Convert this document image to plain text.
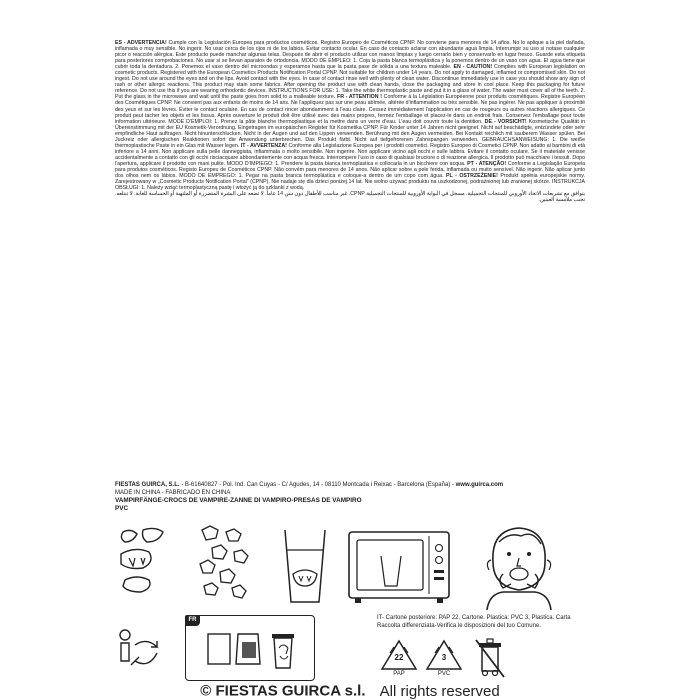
ES - ADVERTENCIA! Cumple con la Legislación Europea para productos cosméticos. Registro Europeo de Cosméticos CPNP. No conviene para menores de 14 años. No lo aplique a la piel dañada, inflamada o muy sensible. No ingerir. No usar cerca de los ojos ni de los labios. Evitar contacto ocular. En caso de contacto aclarar con abundante agua limpia. Interrumpir su uso si notase cualquier picor o reacción alérgica. Este producto puede manchar algunas telas. Después de abrir el producto utilizar con manos limpias y luego cerrarlo bien y conservarlo en lugar fresco. Guarde esta etiqueta para posteriores comprobaciones. No usar si se llevan aparatos de ortodoncia. MODO DE EMPLEO: 1. Coja la pasta blanca termoplástica y la ponemos dentro de un vaso con agua. El agua tiene que cubrir toda la dentadura. 2. Ponemos el vaso dentro del microondas y esperamos hasta que la pasta pase de sólida a una textura maleable. EN - CAUTION! Complies with European legislation on cosmetic products. Registered with the European Cosmetics Products Notification Portal CPNP. Not suitable for children under 14 years. Do not apply to damaged, inflamed or compromised skin. Do not ingest. Do not use around the eyes and on the lips. Avoid contact with the eyes. In case of contact rinse well with plenty of clean water. Discontinue immediately use in case you should show any sign of rash or other allergic reactions. This product may stain some fabrics. After opening the product use with clean hands, close the packaging and store in cool place. Keep this packaging for future reference. Do not use this if you are wearing orthodontic devices. INSTRUCTIONS FOR USE: 1. Take the white thermoplastic paste and put it in a glass of water. The water must cover all of the teeth. 2. Put the glass in the microwave and wait until the paste goes from solid to a malleable texture. FR - ATTENTION ! Conforme à la Législation Européenne pour produits cosmétiques. Registre Européen des Cosmétiques CPNP. Ne convient pas aux enfants de moins de 14 ans. Ne l'appliquez pas sur une peau abîmée, altérée d'inflammation ou très sensible. Ne pas ingérer. Ne pas appliquer à proximité des yeux et sur les lèvres. Éviter le contact oculaire. En cas de contact rincer abondamment à l'eau claire. Cessez immédiatement l'application en cas de rougeurs ou autres réactions allergiques. Ce produit peut tacher les objets et les tissus. Après ouverture le produit doit être utilisé avec des mains propres, fermez l'emballage et placez-le dans un endroit frais. Conservez l'emballage pour toute information ultérieure. MODE D'EMPLOI: 1. Prenez la pâte blanche thermoplastique et la mettre dans un verre d'eau. L'eau doit couvrir toute la dentition. DE - VORSICHT! Kosmetische Qualität in Übereinstimmung mit der EU Kosmetik-Verordnung. Eingetragen im europäischen Register für Kosmetika CPNP. Für Kinder unter 14 Jahren nicht geeignet. Nicht auf beschädigte, entzündete oder sehr empfindliche Haut auftragen. Nicht hinunterschlucken. Nicht in der Augen und auf den Lippen verwenden. Berührung mit den Augen vermeiden. Bei Kontakt reichlich mit sauberem Wasser spülen. Bei Juckreiz oder allergischen Reaktionen sofort die Anwendung unterbrechen. Das Produkt färbt. Nicht auf tiefgefrorenen Zahnspangen verwenden. GEBRAUCHSANWEISUNG: 1. Die weiße thermoplastische Paste in ein Glas mit Wasser legen. IT - AVVERTENZA! Conforme alla Legislazione Europea per i prodotti cosmetici. Registro Europeo di Cosmetici CPNP. Non adatto ai bambini di età inferiore a 14 anni. Non applicare sulla pelle danneggiata, infiammata o molto sensibile. Non ingerire. Non applicare vicino agli occhi e sulle labbra. Evitare il contatto oculare. Se il materiale venisse accidentalmente a contatto con gli occhi risciacquare abbondantemente con acqua fresca. Interrompere l'uso in caso di qualsiasi bruciore o di reazione allergica. Il prodotto può macchiare i tessuti. Dopo l'apertura, applicare il prodotto con mani pulite. MODO D'IMPIEGO: 1. Prendere la pasta bianca termoplastica e collocarla in un bicchiere con acqua. PT - ATENÇÃO! Conforme a Legislação Europeia para produtos cosméticos. Registo Europeu de Cosméticos CPNP. Não convém para menores de 14 anos. Não aplicar sobre a pele ferida, inflamada ou muito sensível. Não ingerir. Não aplicar junto dos olhos nem os lábios. MODO DE EMPREGO: 1. Pegar na pasta branca termoplástica e coloque-a dentro de um copo com água. PL - OSTRZEŻENIE! Produkt spełnia europejskie normy. Zarejestrowany w „Cosmetic Products Notification Portal" (CPNP). Nie nadaje się dla dzieci poniżej 14 lat. Nie wolno używać produktu na uszkodzonej, podrażnionej lub zranionej skórze. INSTRUKCJA OBSŁUGI: 1. Należy wziąć termoplastyczną pastę i włożyć ją do szklanki z wodą.
يتوافق مع تشريعات الاتحاد الأوروبي للمنتجات التجميلية. مسجل في البوابة الأوروبية للمنتجات التجميلية CPNP. غير مناسب للأطفال دون سن 14 عاماً. لا تضعه على البشرة المتضررة أو الملتهبة أو الحساسة للغاية. لا تبتلعه. تجنب ملامسة العينين.
FIESTAS GUIRCA, S.L. - B-61640827 - Pol. Ind. Can Cuyas - C/ Agudes, 14 - 08110 Montcada i Reixac - Barcelona (España) - www.guirca.com
MADE IN CHINA - FABRICADO EN CHINA
VAMPIRFÄNGE-CROCS DE VAMPIRE-ZANNE DI VAMPIRO-PRESAS DE VAMPIRO
PVC
FR	IT- Cartone posteriore: PAP 22, Cartone. Plastica: PVC 3, Plastica. Carta Raccolta differenziata-Verifica le disposizioni del tuo Comune.
22
PAP
3
PVC
© FIESTAS GUIRCA s.l. All rights reserved
